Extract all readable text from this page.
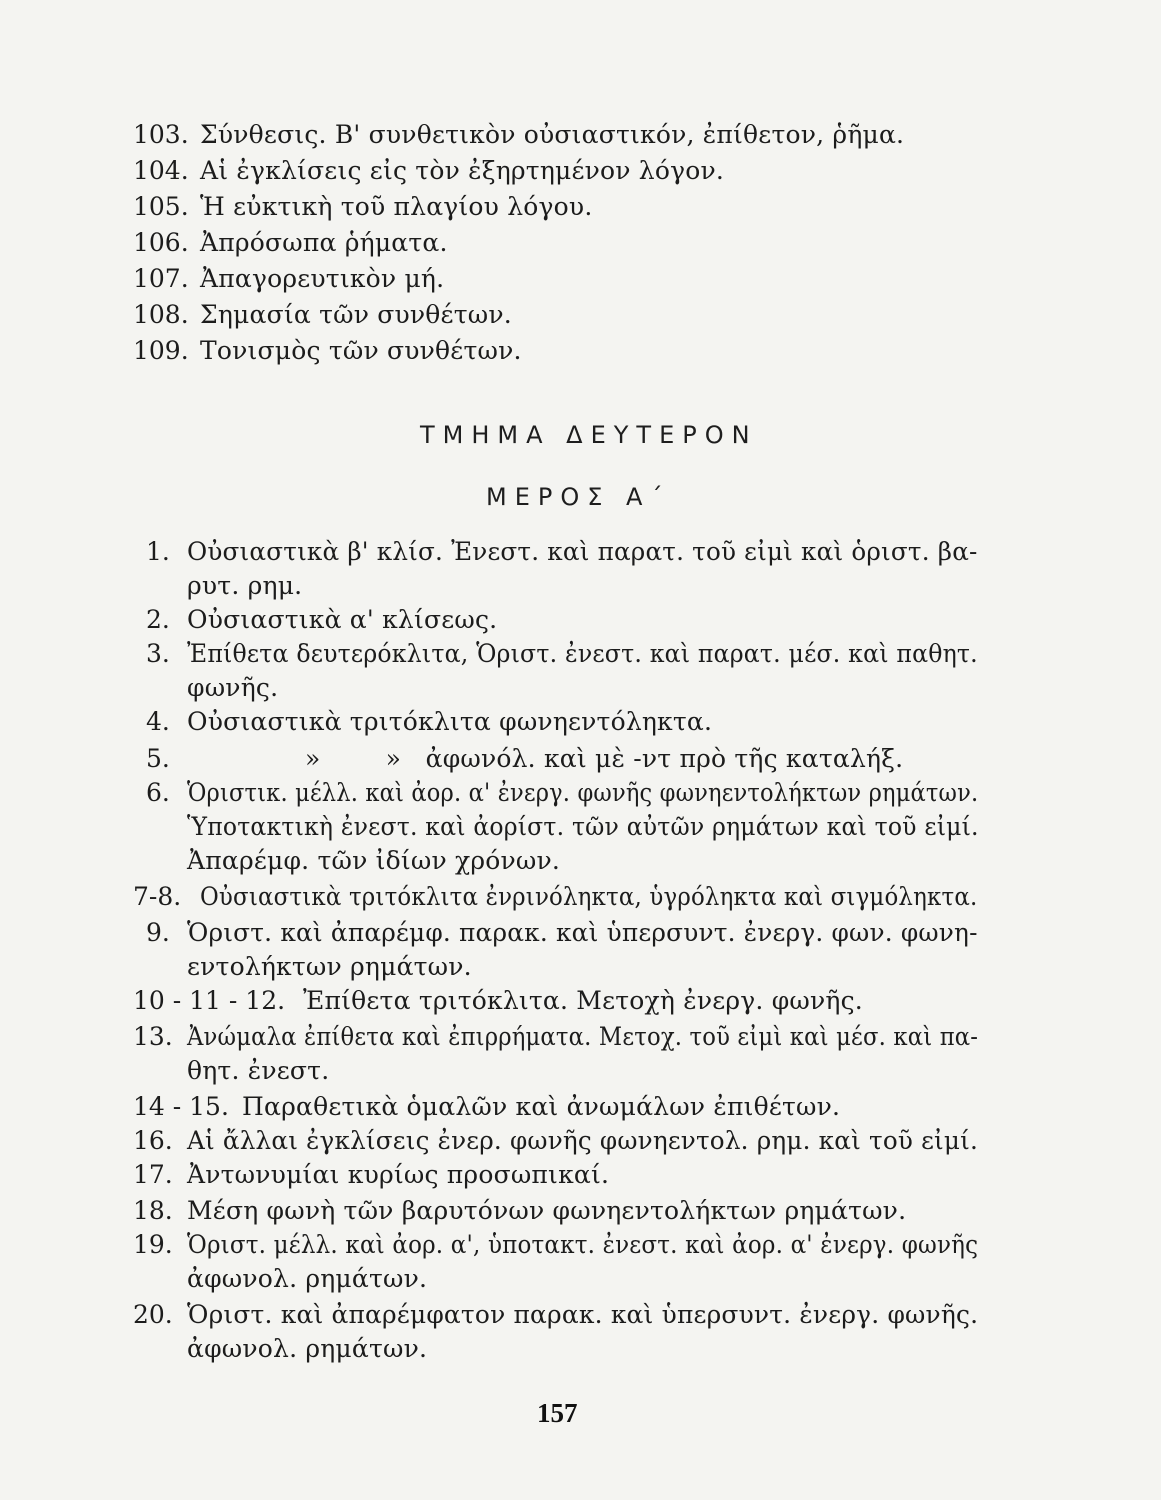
103. Σύνθεσις. Β' συνθετικὸν οὐσιαστικόν, ἐπίθετον, ῥῆμα.
104. Αἱ ἐγκλίσεις εἰς τὸν ἐξηρτημένον λόγον.
105. Ἡ εὐκτικὴ τοῦ πλαγίου λόγου.
106. Ἀπρόσωπα ῥήματα.
107. Ἀπαγορευτικὸν μή.
108. Σημασία τῶν συνθέτων.
109. Τονισμὸς τῶν συνθέτων.
ΤΜΗΜΑ ΔΕΥΤΕΡΟΝ
ΜΕΡΟΣ Α΄
1. Οὐσιαστικὰ β' κλίσ. Ἐνεστ. καὶ παρατ. τοῦ εἰμὶ καὶ ὁριστ. βα-
ρυτ. ρημ.
2. Οὐσιαστικὰ α' κλίσεως.
3. Ἐπίθετα δευτερόκλιτα, Ὁριστ. ἐνεστ. καὶ παρατ. μέσ. καὶ παθητ.
φωνῆς.
4. Οὐσιαστικὰ τριτόκλιτα φωνηεντόληκτα.
5.	»        »   ἀφωνόλ. καὶ μὲ -ντ πρὸ τῆς καταλήξ.
6. Ὁριστικ. μέλλ. καὶ ἀορ. α' ἐνεργ. φωνῆς φωνηεντολήκτων ρημάτων.
Ὑποτακτικὴ ἐνεστ. καὶ ἀορίστ. τῶν αὐτῶν ρημάτων καὶ τοῦ εἰμί.
Ἀπαρέμφ. τῶν ἰδίων χρόνων.
7-8. Οὐσιαστικὰ τριτόκλιτα ἐνρινόληκτα, ὑγρόληκτα καὶ σιγμόληκτα.
9. Ὁριστ. καὶ ἀπαρέμφ. παρακ. καὶ ὑπερσυντ. ἐνεργ. φων. φωνη-
εντολήκτων ρημάτων.
10 - 11 - 12. Ἐπίθετα τριτόκλιτα. Μετοχὴ ἐνεργ. φωνῆς.
13. Ἀνώμαλα ἐπίθετα καὶ ἐπιρρήματα. Μετοχ. τοῦ εἰμὶ καὶ μέσ. καὶ πα-
θητ. ἐνεστ.
14 - 15. Παραθετικὰ ὁμαλῶν καὶ ἀνωμάλων ἐπιθέτων.
16. Αἱ ἄλλαι ἐγκλίσεις ἐνερ. φωνῆς φωνηεντολ. ρημ. καὶ τοῦ εἰμί.
17. Ἀντωνυμίαι κυρίως προσωπικαί.
18. Μέση φωνὴ τῶν βαρυτόνων φωνηεντολήκτων ρημάτων.
19. Ὁριστ. μέλλ. καὶ ἀορ. α', ὑποτακτ. ἐνεστ. καὶ ἀορ. α' ἐνεργ. φωνῆς
ἀφωνολ. ρημάτων.
20. Ὁριστ. καὶ ἀπαρέμφατον παρακ. καὶ ὑπερσυντ. ἐνεργ. φωνῆς.
ἀφωνολ. ρημάτων.
157
